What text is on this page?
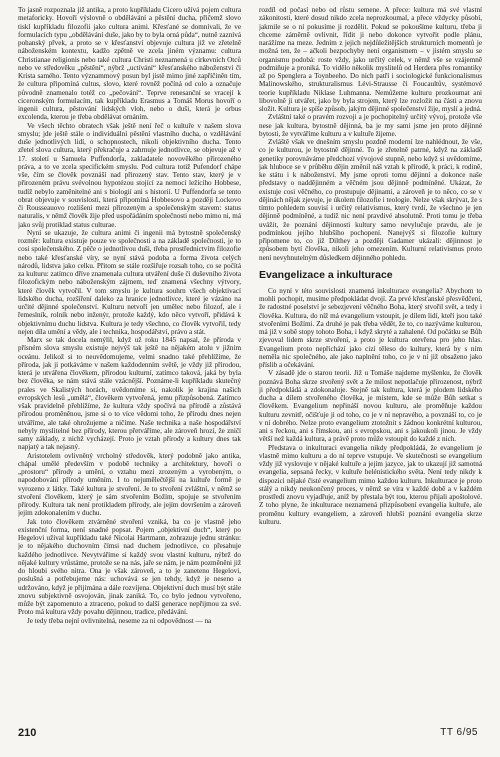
To jasně rozpoznala již antika, a proto kupříkladu Cicero užívá pojem cultura metaforicky. Hovoří výslovně o obdělávání a pěstění ducha, přičemž slovo tiskl kupříkladu filozofii jako cultura animi. Křesťané se domnívali, že ve formulacích typu „obdělávání duše, jako by to byla orná půda“, nutně zaznívá pohanský přvek, a proto se v křesťanství objevuje cultura již ve zřetelně náboženském kontextu, kadžo zpětně ve zcela jiném významu: cultura Christianae religionis nebo také cultura Christi neznamená u církevních Otců nebo ve středověku „pěstění“, nýbrž „uctívání“ křesťanského náboženství či Krista samého. Tento význammový posun byl jistě mimo jiné zapříčiněn tím, že cultura připomíná cultus, slovo, které rovněž počíná od colo a označuje původně znamenalo totéž co „pečování“. Teprve renesanční se vracejí k ciceronským formulacím, tak kupříkladu Erasmus a Tomáš Morus hovoří o ingenii cultura, pěstování lidských vloh, nebo o duši, která je orbus excolenda, kterou je třeba obdělávat ornáním.

Ve všech těchto obratech však ještě není řeč o kultuře v našem slova smyslu; jde ještě stále o individuální pěstění vlastního ducha, o vzdělávání duše jednotlivých lidí, o schopnostech, nikoli objektivního ducha. Tento zřetel slova cultura, který překračuje a zahrnuje jednotlivce, se objevuje až v 17. století u Samuela Puffendorfa, zakladatele novověkého přirozeného práva, a to ve zcela specifickém smyslu. Pod cultura totiž Pufendorf chápe vše, čím se člověk povznáší nad přirozený stav. Tento stav, který je v přirozeném právu svévolnou hypotézou stojící za nemocí ležícího Hobbese, tudíž nebylo zaměnitelné ani s biologií ani s historií. U Puffendorfa se tento obrat objevuje v souvislosti, která připomíná Hobbesovo a později Lockovo či Rousseauovo rozlišení mezi přirozeným a společenským stavem: status naturalis, v němž člověk žije před uspořádáním společnosti nebo mimo ni, má jako svůj protiklad status culturae.

Nyní se ukazuje, že cultura animi či ingenii má bytostně společenský rozměr: kultura existuje pouze ve společnosti a na základě společnosti, je to cosi společenského. Z pěče o jednotlivou duši, třeba prostřednictvím filozofie nebo také křesťanské víry, se nyní stává podoba a forma života celých národů, lidstva jako celku. Přitom se stále rozšiřuje rozsah toho, co se počítá za kulturu: zatímco dříve znamenala cultura utváření duše či duševního života filozofickým nebo náboženským zájmem, teď znamená všechny výtvory, které člověk vytvořil. V tom smyslu je kultura souhrn všech objektivací lidského ducha, rozšíření daleko za hranice jednotlivce, které je vázáno na určité dějinné společenství. Kulturu netvoří jen umělec nebo filozof, ale i řemeslník, rolník nebo inženýr, protože každý, kdo něco vytvoří, přidává k objektivnímu duchu lidstva. Kultura je tedy všechno, co člověk vytvořil, tedy nejen díla umění a vědy, ale i technika, hospodářství, právo a stát.

Marx se tak docela nemýlil, když už roku 1845 napsal, že příroda v přísném slova smyslu existuje nejvýš tak ještě na nějakém atolu v jižním oceánu. Jelikož si to neuvědomujeme, velmi snadno také přehlížíme, že příroda, jak ji potkáváme v našem každodenním světě, je vždy již přírodou, která je utvářena člověkem, přírodou kulturní, zatímco taková, jaká by byla bez člověka, se nám stává stále vzácnější. Poznáme-li kupříkladu skutečný prales ve Skalistých horách, uvědomíme si, nakolik je krajina našich evropských lesů „umělá“, člověkem vytvořená, jemu přizpůsobená. Zatímco však pravidelně přehlížíme, že kultura vždy spočívá na přírodě a zůstává přírodou proměněnou, jsme si o to více vědomi toho, že přírodu dnes nejen utváříme, ale také ohrožujeme a ničíme. Naše technika a naše hospodářství nebyly myslitelné bez přírody, kterou přetváříme, ale zároveň hrozí, že zničí samy základy, z nichž vycházejí. Proto je vztah přírody a kultury dnes tak napjatý a tak nejasný.

Aristotelem ovlivněný vrcholný středověk, který podobně jako antika, chápal umělé především v podobě techniky a architektury, hovoří o „prostoru“ přírody a umění, o vztahu mezi zrozeným a vyrobeným, o napodobování přírody uměním. I to nejumělečtější na kultuře formě je vyrozeno z látky. Také kultura je stvoření. Je to stvoření zvláštní, v němž se stvoření člověkem, který je sám stvořením Božím, spojuje se stvořením přírody. Kultura tak není protikladem přírody, ale jejím dovršením a zároveň jejím zdokonalením v duchu.

Jak toto člověkem ztvárněné stvoření vzniká, ba co je vlastně jeho existenční forma, není snadné popsat. Pojem „objektivní duch“, který po Hegelovi užíval kupříkladu také Nicolai Hartmann, zohrazuje jednu stránku: je to nějakého duchovním čímsi nad duchem jednotlivce, co přesahuje každého jednotlivce. Nevytváříme si každý svou vlastní kulturu, nýbrž do nějaké kultury vrůstáme, protože se na nás, jaře se nám, je nám pozměněni již do hloubi svého nitra. Ona je však zároveň, a to je zaneteno Hegelovi, poslušná a potřebujeme nás: uchovává se jen tehdy, když je neseno a udržováno, když je přijímána a dále rozvíjena. Objektivní duch musí být stále znovu subjektivně osvojován, jinak zaniká. To, co bylo jednou vytvořeno, může být zapomenuto a ztraceno, pokud to další generace nepřijmou za své. Proto má kultura vždy povahu dějinnou, tradice, předávání.

Je tedy třeba nejní ovlivnitelná, neseme za ni odpovědnost — na

rozdíl od počasí nebo od růstu semene. A přece: kultura má své vlastní zákonitosti, které dosud nikdo zcela neprozkoumal, a přece vždycky působí, jakmile se o ní pokusíme ji rozdělit. Pokud se pokoušíme kulturu, třeba ji chceme záměrně ovlivnit, řídit ji nebo dokonce vytvořit podle plánu, narážíme na meze. Jedním z jejich nejdůležitějších strukturních momentů je možná ten, že – ačkoli bezpochyby není organismem – v jistém smyslu se organismu podobá: roste vždy, jako určitý celek, v němž vše se vzájemně podmiňuje a proniká. To vidělo několik myslitelů od Herdera přes romantiky až po Spenglera a Toynbeeho. Do nich patří i sociologické funkcionalismus Malinowského, strukturalismus Lévi-Strausse či Foucaultův, systémové teorie kupříkladu Niklase Luhmanna. Nemůžeme kulturu prozkoumat ani libovolně ji utvářet, jako by byla strojem, který lze rozložit na části a znovu složit. Kultura je spíše způsob, jakým dějinné společenství žije, myslí a jedná.

Zvláštní také o pravém rozvoji a je pochopitelný určitý vývoj, protože vše nese jak kultura, bytostně dějinná, ba je my sami jsme jen proto dějinné bytosti, že vytváříme kulturu a v kultuře žijeme.

Zvláště však ve dnešním smyslu pozdně moderní lze nahlédnout, že vše, co je kulturou, je bytostně dějinné. To je zřetelně patrné, když na základě genetiky porovnáváme předchozí vývojové stupně, nebo když si uvědomíme, jak hluboce se v průběhu dějin změnil náš vztah k přírodě, k práci, k rodině, ke státu i k náboženství. My jsme oproti tomu dějinní a dokonce naše představy o naddějinném a věčném jsou dějinně podmíněné. Ukázat, že existuje cosi věčného, co prostupuje dějinami, a zároveň je to něco, co se v dějinách nějak zjevuje, je úkolem filozofie i teologie. Nelze však skrývat, že s tímto pohledem souvisí i určitý relativismus, který tvrdí, že všechno je jen dějinně podmíněné, a tudíž nic není pravdivé absolutně. Proti tomu je třeba uvážit, že poznání dějinnosti kultury samo nevylučuje pravdu, ale je podmínkou jejího hlubšího pochopení. Nanejvýš si filozofie kultury připomene to, co již Dilthey a později Gadamer ukázali: dějinnost je způsobem bytí člověka, nikoli jeho omezením. Kulturní relativismus proto není nevyhnutelným důsledkem dějinného pohledu.

Evangelizace a inkulturace

Co nyní v této souvislosti znamená inkulturace evangelia? Abychom to mohli pochopit, musíme předpokládat dvojí. Za prvé křesťanské přesvědčení, že radostné poselství je sebezjevení věčného Boha, který stvořil svět, a tedy i člověka. Kultura, do níž má evangelium vstoupit, je dílem lidí, kteří jsou také stvořeními Božími. Za druhé je pak třeba vědět, že to, co nazýváme kulturou, má již v sobě stopy tohoto Boha, i když skryté a zahalené. Od počátku se Bůh zjevoval lidem skrze stvoření, a proto je kultura otevřena pro jeho hlas. Evangelium proto nepřichází jako cizí těleso do kultury, která by s ním neměla nic společného, ale jako naplnění toho, co je v ní již obsaženo jako příslib a očekávání.

V zásadě jde o starou teorii. Již u Tomáše najdeme myšlenku, že člověk poznává Boha skrze stvořený svět a že milost nepotlačuje přirozenost, nýbrž ji předpokládá a zdokonaluje. Stejně tak kultura, která je plodem lidského ducha a dílem stvořeného člověka, je místem, kde se může Bůh setkat s člověkem. Evangelium nepřináší novou kulturu, ale proměňuje každou kulturu zevnitř, očišťuje ji od toho, co je v ní nepravého, a povznáší to, co je v ní dobrého. Nelze proto evangelium ztotožnit s žádnou konkrétní kulturou, ani s řeckou, ani s římskou, ani s evropskou, ani s jakoukoli jinou. Je vždy větší než každá kultura, a právě proto může vstoupit do každé z nich.

Představa o inkulturaci evangelia nikdy předpokládá, že evangelium je vlastně mimo kulturu a do ní teprve vstupuje. Ve skutečnosti se evangelium vždy již vyslovuje v nějaké kultuře a jejím jazyce, jak to ukazují již samotná evangelia, sepsaná řecky, v kultuře helénistického světa. Není tedy nikdy k dispozici nějaké čisté evangelium mimo každou kulturu. Inkulturace je proto stálý a nikdy neukončený proces, v němž se víra v každé době a v každém prostředí znovu vyjadřuje, aniž by přestala být tou, kterou přijali apoštolové. Z toho plyne, že inkulturace neznamená přizpůsobení evangelia kultuře, ale proměnu kultury evangeliem, a zároveň hlubší poznání evangelia skrze kulturu.

210	TT 6/95
